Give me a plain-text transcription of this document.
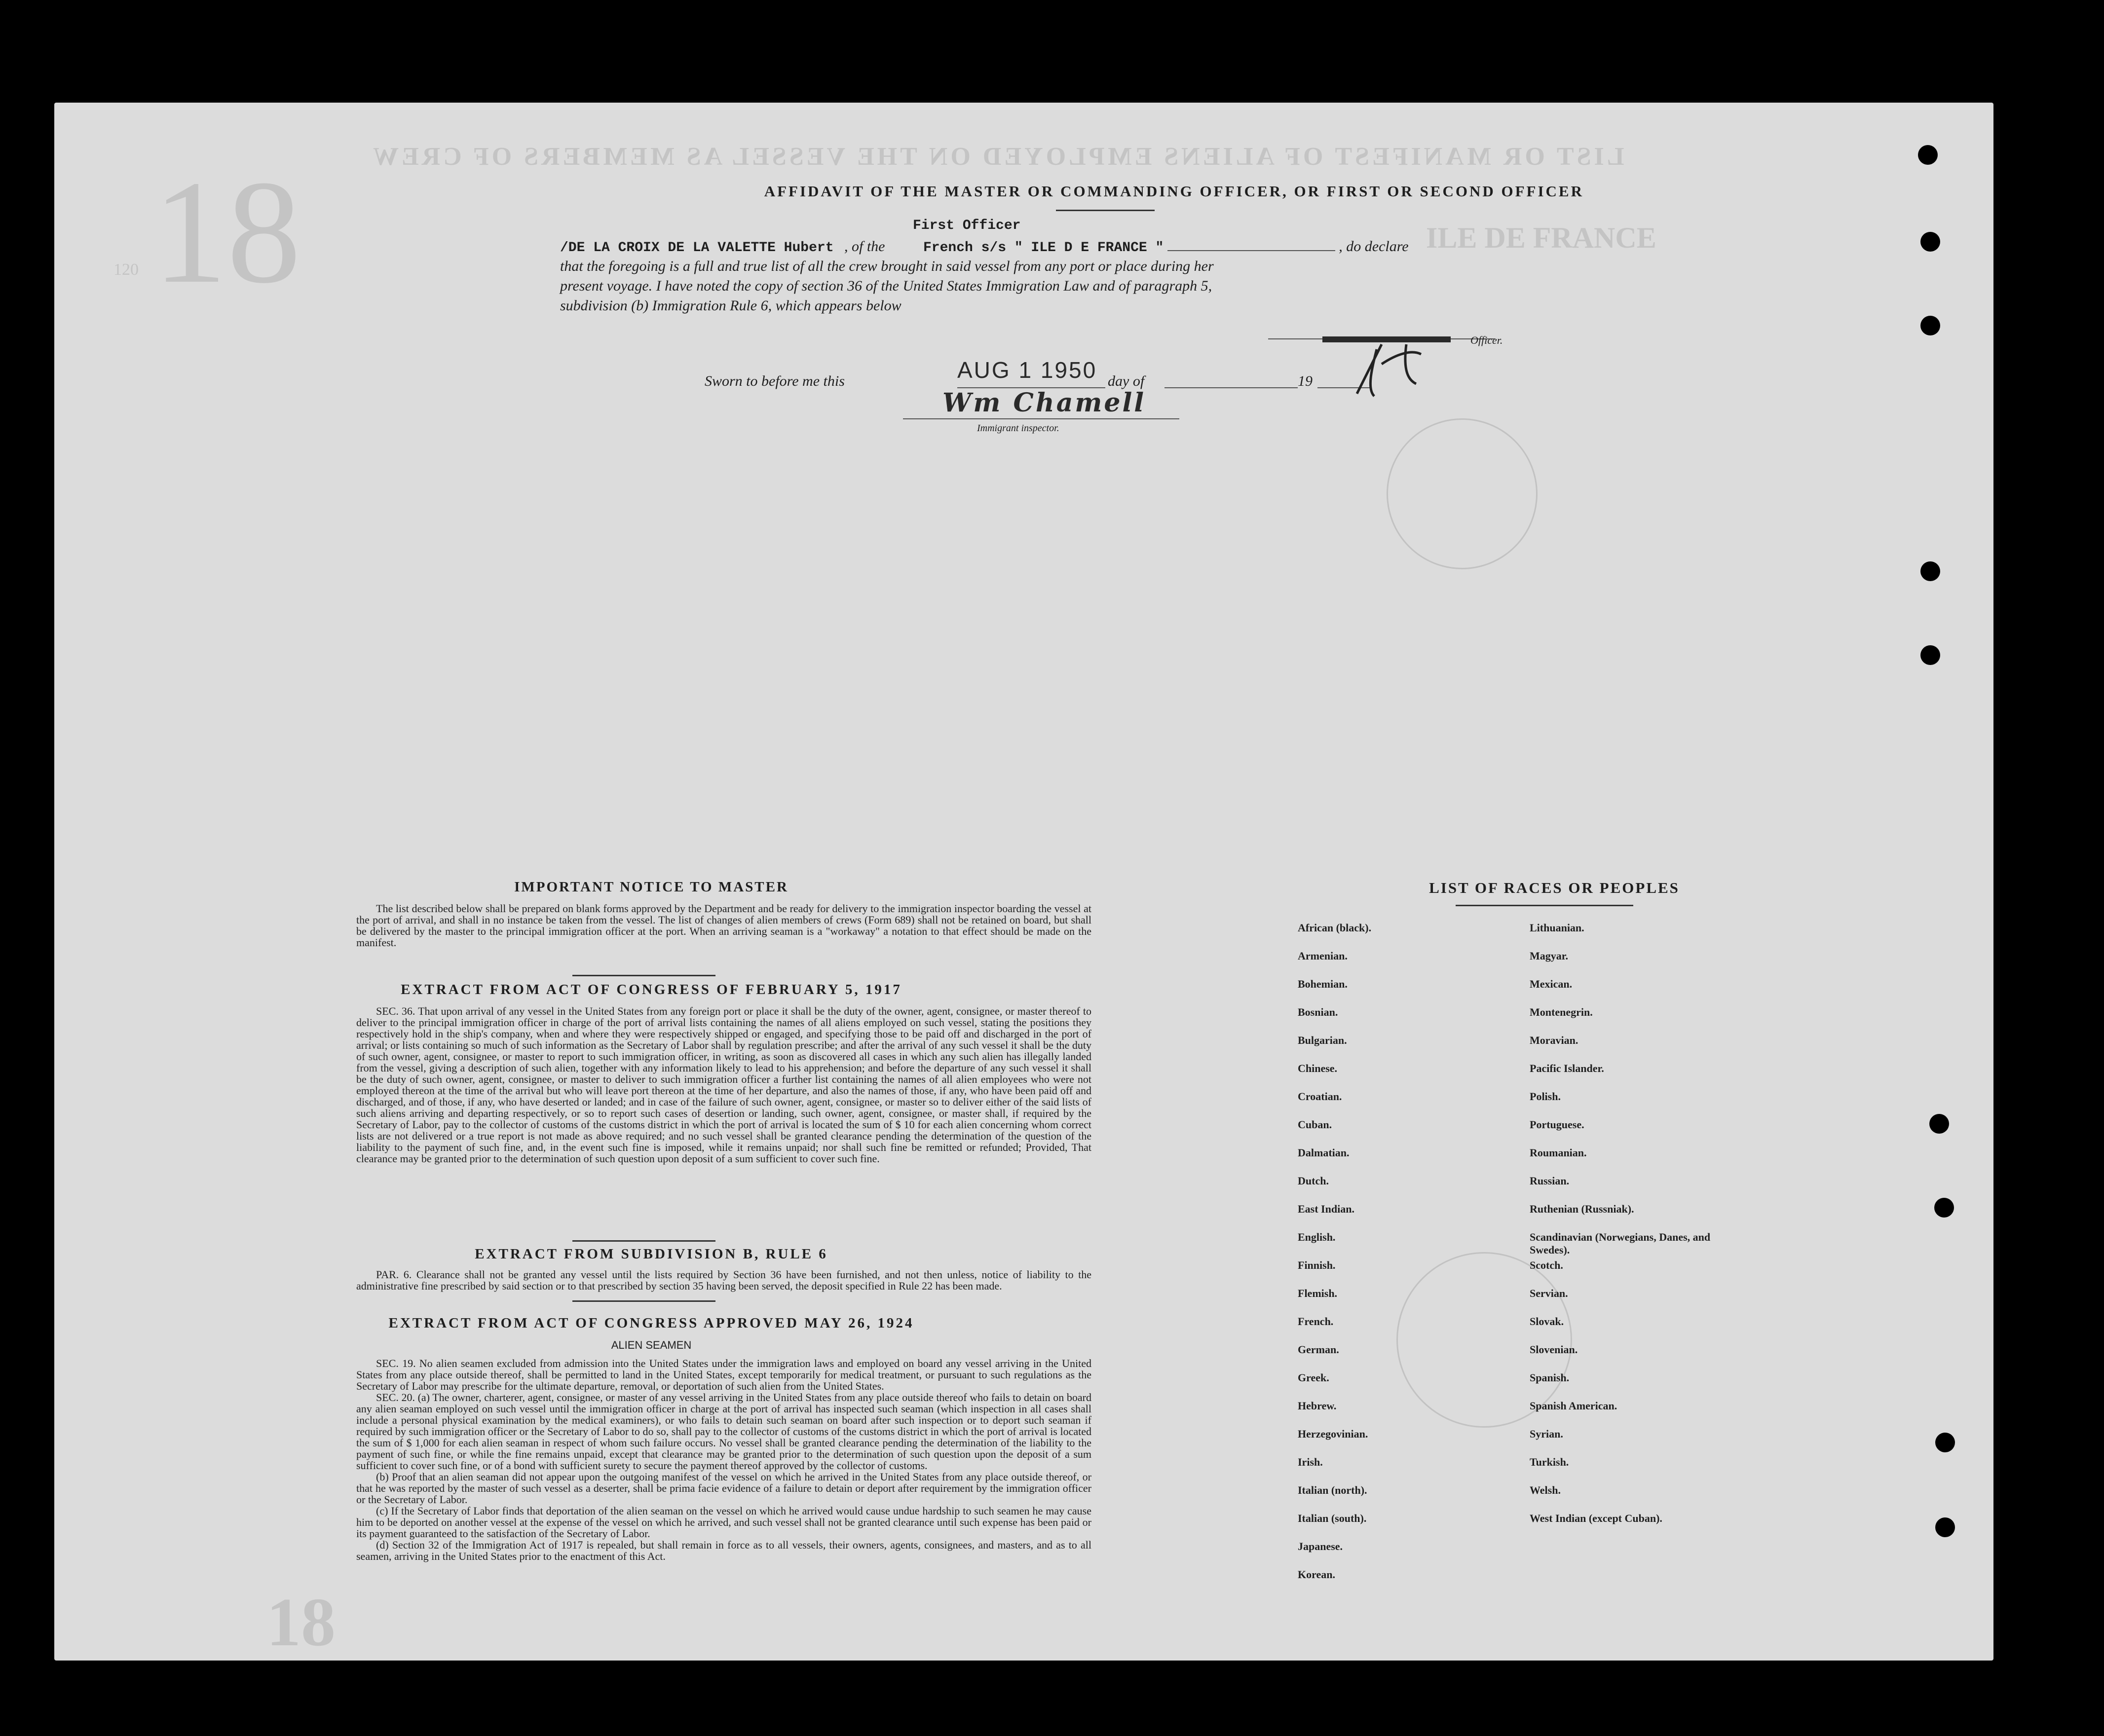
18
120
LIST OR MANIFEST OF ALIENS EMPLOYED ON THE VESSEL AS MEMBERS OF CREW
ILE DE FRANCE
18
AFFIDAVIT OF THE MASTER OR COMMANDING OFFICER, OR FIRST OR SECOND OFFICER
First Officer
/DE LA CROIX DE LA VALETTE Hubert , of the	French s/s " ILE D E FRANCE "	, do declare
that the foregoing is a full and true list of all the crew brought in said vessel from any port or place during her
present voyage. I have noted the copy of section 36 of the United States Immigration Law and of paragraph 5,
subdivision (b) Immigration Rule 6, which appears below
Officer.
Sworn to before me this	AUG 1 1950 day of	19
Wm Chamell
Immigrant inspector.
IMPORTANT NOTICE TO MASTER
The list described below shall be prepared on blank forms approved by the Department and be ready for delivery to the immigration inspector boarding the vessel at the port of arrival, and shall in no instance be taken from the vessel. The list of changes of alien members of crews (Form 689) shall not be retained on board, but shall be delivered by the master to the principal immigration officer at the port. When an arriving seaman is a "workaway" a notation to that effect should be made on the manifest.
EXTRACT FROM ACT OF CONGRESS OF FEBRUARY 5, 1917
SEC. 36. That upon arrival of any vessel in the United States from any foreign port or place it shall be the duty of the owner, agent, consignee, or master thereof to deliver to the principal immigration officer in charge of the port of arrival lists containing the names of all aliens employed on such vessel, stating the positions they respectively hold in the ship's company, when and where they were respectively shipped or engaged, and specifying those to be paid off and discharged in the port of arrival; or lists containing so much of such information as the Secretary of Labor shall by regulation prescribe; and after the arrival of any such vessel it shall be the duty of such owner, agent, consignee, or master to report to such immigration officer, in writing, as soon as discovered all cases in which any such alien has illegally landed from the vessel, giving a description of such alien, together with any information likely to lead to his apprehension; and before the departure of any such vessel it shall be the duty of such owner, agent, consignee, or master to deliver to such immigration officer a further list containing the names of all alien employees who were not employed thereon at the time of the arrival but who will leave port thereon at the time of her departure, and also the names of those, if any, who have been paid off and discharged, and of those, if any, who have deserted or landed; and in case of the failure of such owner, agent, consignee, or master so to deliver either of the said lists of such aliens arriving and departing respectively, or so to report such cases of desertion or landing, such owner, agent, consignee, or master shall, if required by the Secretary of Labor, pay to the collector of customs of the customs district in which the port of arrival is located the sum of $ 10 for each alien concerning whom correct lists are not delivered or a true report is not made as above required; and no such vessel shall be granted clearance pending the determination of the question of the liability to the payment of such fine, and, in the event such fine is imposed, while it remains unpaid; nor shall such fine be remitted or refunded; Provided, That clearance may be granted prior to the determination of such question upon deposit of a sum sufficient to cover such fine.
EXTRACT FROM SUBDIVISION B, RULE 6
PAR. 6. Clearance shall not be granted any vessel until the lists required by Section 36 have been furnished, and not then unless, notice of liability to the administrative fine prescribed by said section or to that prescribed by section 35 having been served, the deposit specified in Rule 22 has been made.
EXTRACT FROM ACT OF CONGRESS APPROVED MAY 26, 1924
ALIEN SEAMEN
SEC. 19. No alien seamen excluded from admission into the United States under the immigration laws and employed on board any vessel arriving in the United States from any place outside thereof, shall be permitted to land in the United States, except temporarily for medical treatment, or pursuant to such regulations as the Secretary of Labor may prescribe for the ultimate departure, removal, or deportation of such alien from the United States.
SEC. 20. (a) The owner, charterer, agent, consignee, or master of any vessel arriving in the United States from any place outside thereof who fails to detain on board any alien seaman employed on such vessel until the immigration officer in charge at the port of arrival has inspected such seaman (which inspection in all cases shall include a personal physical examination by the medical examiners), or who fails to detain such seaman on board after such inspection or to deport such seaman if required by such immigration officer or the Secretary of Labor to do so, shall pay to the collector of customs of the customs district in which the port of arrival is located the sum of $ 1,000 for each alien seaman in respect of whom such failure occurs. No vessel shall be granted clearance pending the determination of the liability to the payment of such fine, or while the fine remains unpaid, except that clearance may be granted prior to the determination of such question upon the deposit of a sum sufficient to cover such fine, or of a bond with sufficient surety to secure the payment thereof approved by the collector of customs.
(b) Proof that an alien seaman did not appear upon the outgoing manifest of the vessel on which he arrived in the United States from any place outside thereof, or that he was reported by the master of such vessel as a deserter, shall be prima facie evidence of a failure to detain or deport after requirement by the immigration officer or the Secretary of Labor.
(c) If the Secretary of Labor finds that deportation of the alien seaman on the vessel on which he arrived would cause undue hardship to such seamen he may cause him to be deported on another vessel at the expense of the vessel on which he arrived, and such vessel shall not be granted clearance until such expense has been paid or its payment guaranteed to the satisfaction of the Secretary of Labor.
(d) Section 32 of the Immigration Act of 1917 is repealed, but shall remain in force as to all vessels, their owners, agents, consignees, and masters, and as to all seamen, arriving in the United States prior to the enactment of this Act.
LIST OF RACES OR PEOPLES
African (black).
Armenian.
Bohemian.
Bosnian.
Bulgarian.
Chinese.
Croatian.
Cuban.
Dalmatian.
Dutch.
East Indian.
English.
Finnish.
Flemish.
French.
German.
Greek.
Hebrew.
Herzegovinian.
Irish.
Italian (north).
Italian (south).
Japanese.
Korean.
Lithuanian.
Magyar.
Mexican.
Montenegrin.
Moravian.
Pacific Islander.
Polish.
Portuguese.
Roumanian.
Russian.
Ruthenian (Russniak).
Scandinavian (Norwegians, Danes, and Swedes).
Scotch.
Servian.
Slovak.
Slovenian.
Spanish.
Spanish American.
Syrian.
Turkish.
Welsh.
West Indian (except Cuban).
